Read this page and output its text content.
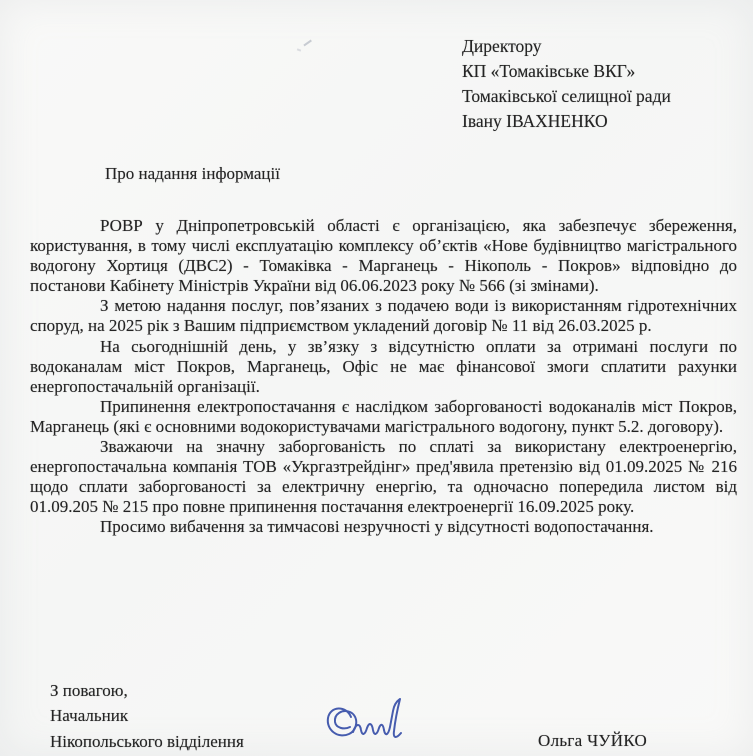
Директору
КП «Томаківське ВКГ»
Томаківської селищної ради
Івану ІВАХНЕНКО
Про надання інформації

РОВР у Дніпропетровській області є організацією, яка забезпечує збереження, користування, в тому числі експлуатацію комплексу об’єктів «Нове будівництво магістрального водогону Хортиця (ДВС2) - Томаківка - Марганець - Нікополь - Покров» відповідно до постанови Кабінету Міністрів України від 06.06.2023 року № 566 (зі змінами).

З метою надання послуг, пов’язаних з подачею води із використанням гідротехнічних споруд, на 2025 рік з Вашим підприємством укладений договір № 11 від 26.03.2025 р.

На сьогоднішній день, у зв’язку з відсутністю оплати за отримані послуги по водоканалам міст Покров, Марганець, Офіс не має фінансової змоги сплатити рахунки енергопостачальній організації.

Припинення електропостачання є наслідком заборгованості водоканалів міст Покров, Марганець (які є основними водокористувачами магістрального водогону, пункт 5.2. договору).

Зважаючи на значну заборгованість по сплаті за використану електроенергію, енергопостачальна компанія ТОВ «Укргазтрейдінг» пред'явила претензію від 01.09.2025 № 216 щодо сплати заборгованості за електричну енергію, та одночасно попередила листом від 01.09.205 № 215 про повне припинення постачання електроенергії 16.09.2025 року.

Просимо вибачення за тимчасові незручності у відсутності водопостачання.

З повагою,
Начальник
Нікопольського відділення	Ольга ЧУЙКО
